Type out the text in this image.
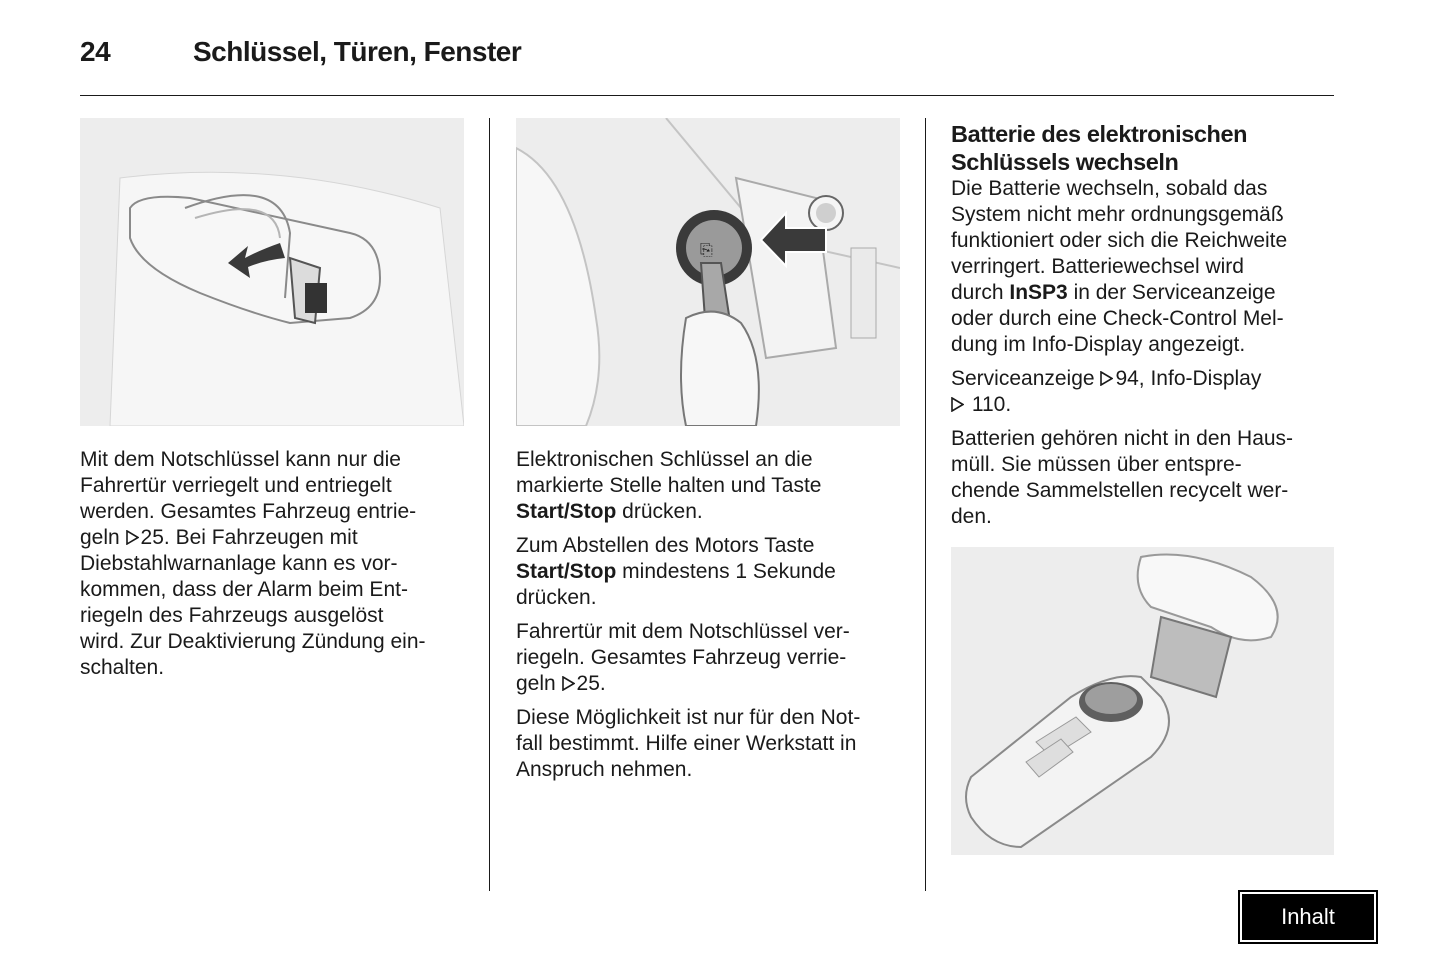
24	Schlüssel, Türen, Fenster
⎘

Mit dem Notschlüssel kann nur die
Fahrertür verriegelt und entriegelt
werden. Gesamtes Fahrzeug entrie-
geln 25. Bei Fahrzeugen mit
Diebstahlwarnanlage kann es vor-
kommen, dass der Alarm beim Ent-
riegeln des Fahrzeugs ausgelöst
wird. Zur Deaktivierung Zündung ein-
schalten.

Elektronischen Schlüssel an die
markierte Stelle halten und Taste
Start/Stop drücken.

Zum Abstellen des Motors Taste
Start/Stop mindestens 1 Sekunde
drücken.

Fahrertür mit dem Notschlüssel ver-
riegeln. Gesamtes Fahrzeug verrie-
geln 25.

Diese Möglichkeit ist nur für den Not-
fall bestimmt. Hilfe einer Werkstatt in
Anspruch nehmen.

Batterie des elektronischen
Schlüssels wechseln

Die Batterie wechseln, sobald das
System nicht mehr ordnungsgemäß
funktioniert oder sich die Reichweite
verringert. Batteriewechsel wird
durch InSP3 in der Serviceanzeige
oder durch eine Check-Control Mel-
dung im Info-Display angezeigt.

Serviceanzeige 94, Info-Display
110.

Batterien gehören nicht in den Haus-
müll. Sie müssen über entspre-
chende Sammelstellen recycelt wer-
den.

Inhalt
